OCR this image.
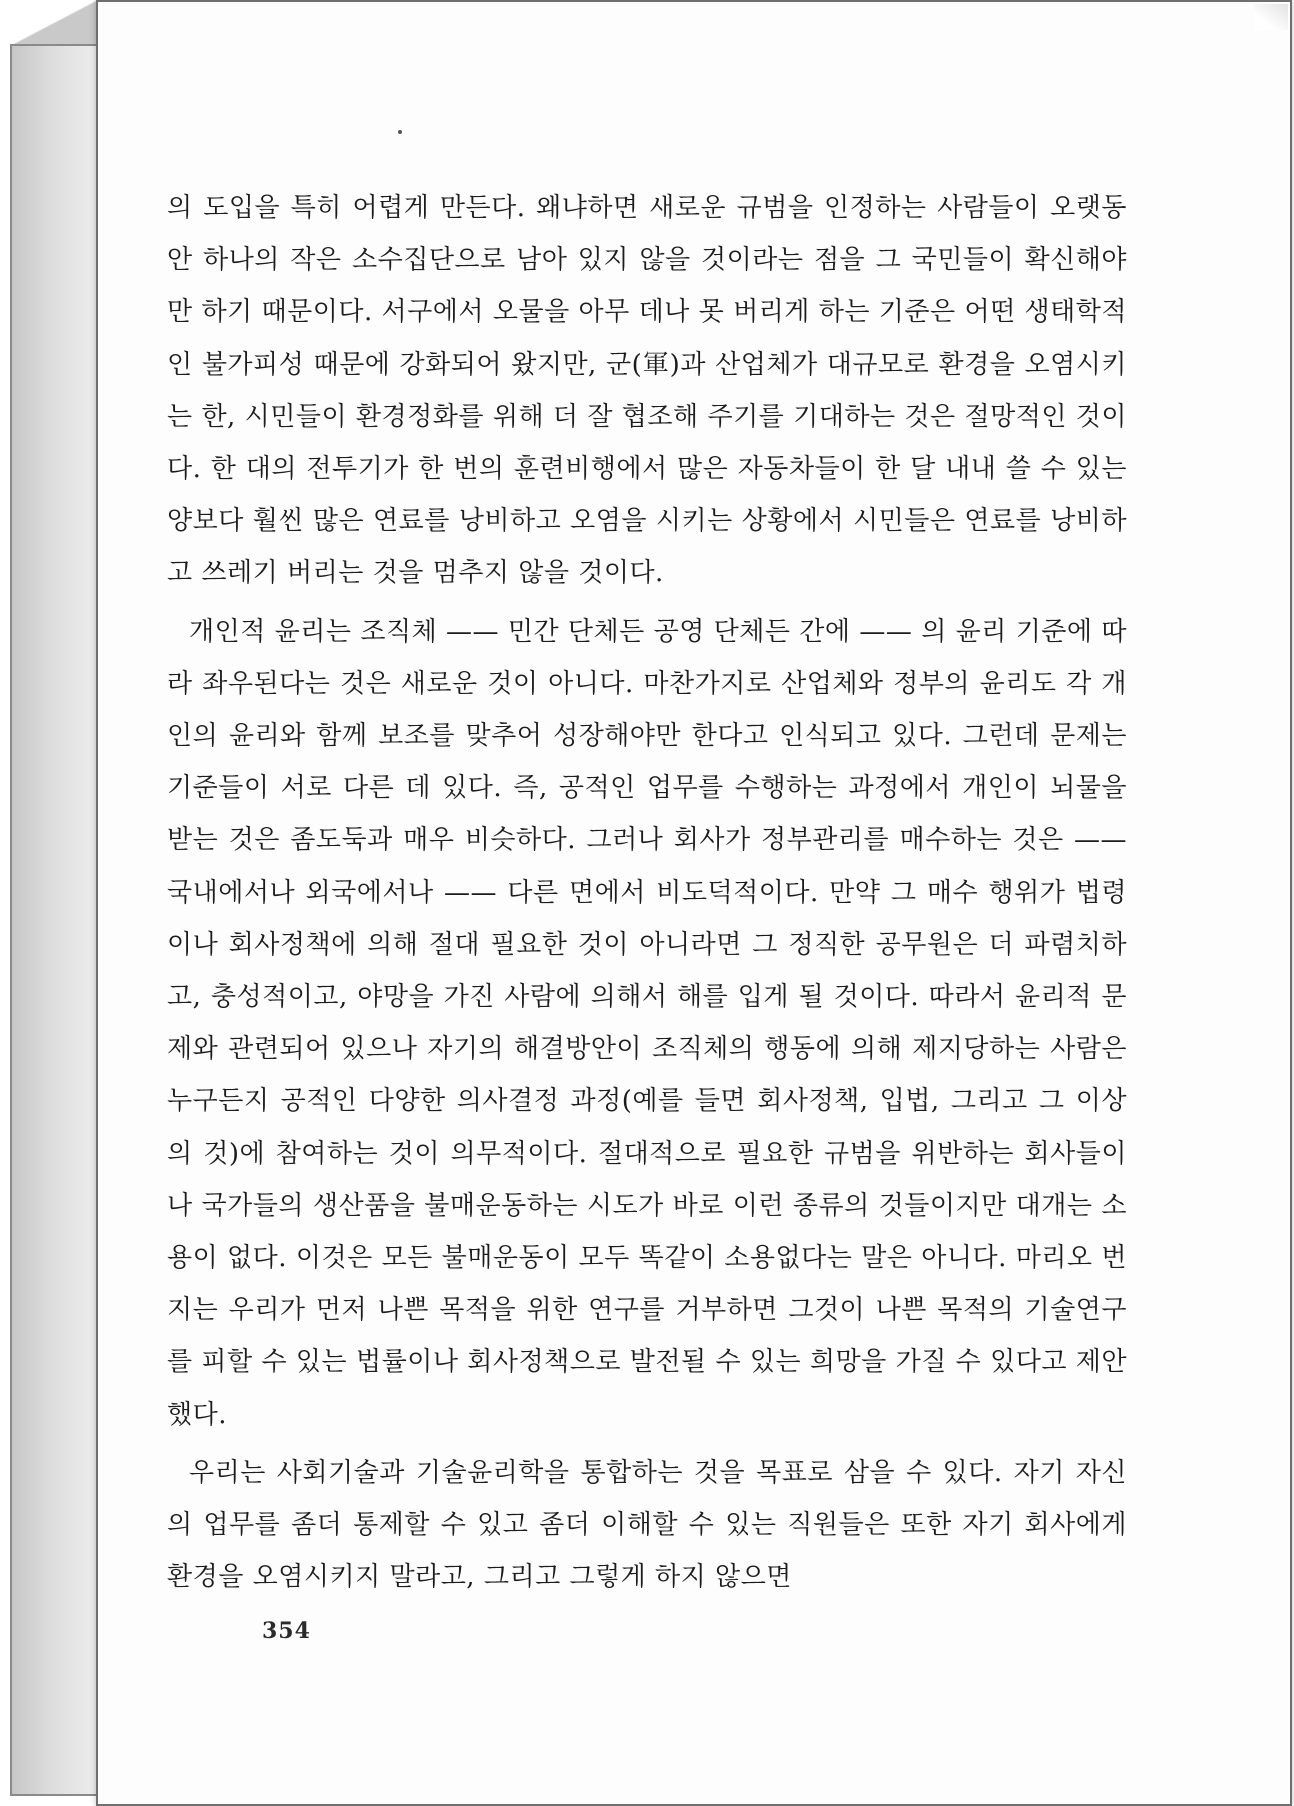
의 도입을 특히 어렵게 만든다. 왜냐하면 새로운 규범을 인정하는 사람들이 오랫동안 하나의 작은 소수집단으로 남아 있지 않을 것이라는 점을 그 국민들이 확신해야만 하기 때문이다. 서구에서 오물을 아무 데나 못 버리게 하는 기준은 어떤 생태학적인 불가피성 때문에 강화되어 왔지만, 군(軍)과 산업체가 대규모로 환경을 오염시키는 한, 시민들이 환경정화를 위해 더 잘 협조해 주기를 기대하는 것은 절망적인 것이다. 한 대의 전투기가 한 번의 훈련비행에서 많은 자동차들이 한 달 내내 쓸 수 있는 양보다 훨씬 많은 연료를 낭비하고 오염을 시키는 상황에서 시민들은 연료를 낭비하고 쓰레기 버리는 것을 멈추지 않을 것이다.

개인적 윤리는 조직체 —— 민간 단체든 공영 단체든 간에 —— 의 윤리 기준에 따라 좌우된다는 것은 새로운 것이 아니다. 마찬가지로 산업체와 정부의 윤리도 각 개인의 윤리와 함께 보조를 맞추어 성장해야만 한다고 인식되고 있다. 그런데 문제는 기준들이 서로 다른 데 있다. 즉, 공적인 업무를 수행하는 과정에서 개인이 뇌물을 받는 것은 좀도둑과 매우 비슷하다. 그러나 회사가 정부관리를 매수하는 것은 —— 국내에서나 외국에서나 —— 다른 면에서 비도덕적이다. 만약 그 매수 행위가 법령이나 회사정책에 의해 절대 필요한 것이 아니라면 그 정직한 공무원은 더 파렴치하고, 충성적이고, 야망을 가진 사람에 의해서 해를 입게 될 것이다. 따라서 윤리적 문제와 관련되어 있으나 자기의 해결방안이 조직체의 행동에 의해 제지당하는 사람은 누구든지 공적인 다양한 의사결정 과정(예를 들면 회사정책, 입법, 그리고 그 이상의 것)에 참여하는 것이 의무적이다. 절대적으로 필요한 규범을 위반하는 회사들이나 국가들의 생산품을 불매운동하는 시도가 바로 이런 종류의 것들이지만 대개는 소용이 없다. 이것은 모든 불매운동이 모두 똑같이 소용없다는 말은 아니다. 마리오 번지는 우리가 먼저 나쁜 목적을 위한 연구를 거부하면 그것이 나쁜 목적의 기술연구를 피할 수 있는 법률이나 회사정책으로 발전될 수 있는 희망을 가질 수 있다고 제안했다.

우리는 사회기술과 기술윤리학을 통합하는 것을 목표로 삼을 수 있다. 자기 자신의 업무를 좀더 통제할 수 있고 좀더 이해할 수 있는 직원들은 또한 자기 회사에게 환경을 오염시키지 말라고, 그리고 그렇게 하지 않으면

354
